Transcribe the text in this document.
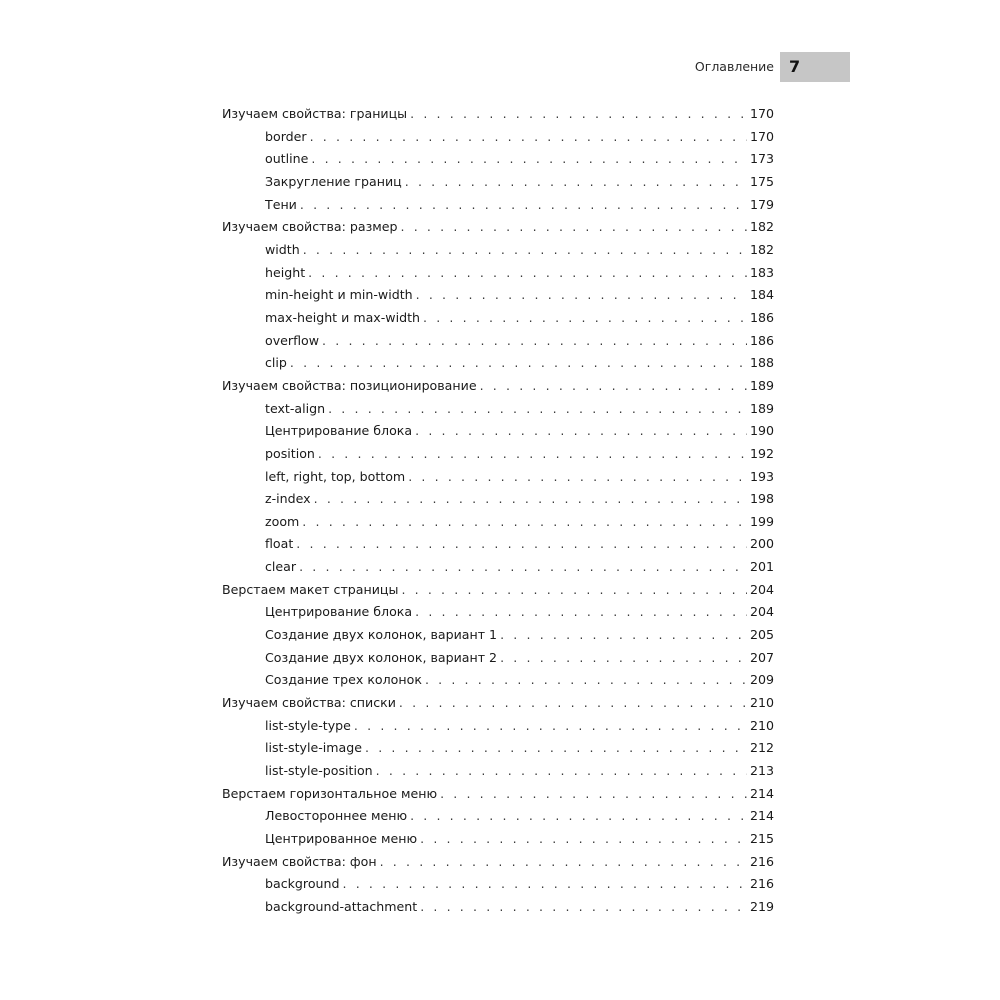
Оглавление 7
Изучаем свойства: границы . . .	170
border . . .	170
outline . . .	173
Закругление границ . . .	175
Тени . . .	179
Изучаем свойства: размер . . .	182
width . . .	182
height . . .	183
min-height и min-width . . .	184
max-height и max-width . . .	186
overflow . . .	186
clip . . .	188
Изучаем свойства: позиционирование . . .	189
text-align . . .	189
Центрирование блока . . .	190
position . . .	192
left, right, top, bottom . . .	193
z-index . . .	198
zoom . . .	199
float . . .	200
clear . . .	201
Верстаем макет страницы . . .	204
Центрирование блока . . .	204
Создание двух колонок, вариант 1 . . .	205
Создание двух колонок, вариант 2 . . .	207
Создание трех колонок . . .	209
Изучаем свойства: списки . . .	210
list-style-type . . .	210
list-style-image . . .	212
list-style-position . . .	213
Верстаем горизонтальное меню . . .	214
Левостороннее меню . . .	214
Центрированное меню . . .	215
Изучаем свойства: фон . . .	216
background . . .	216
background-attachment . . .	219
